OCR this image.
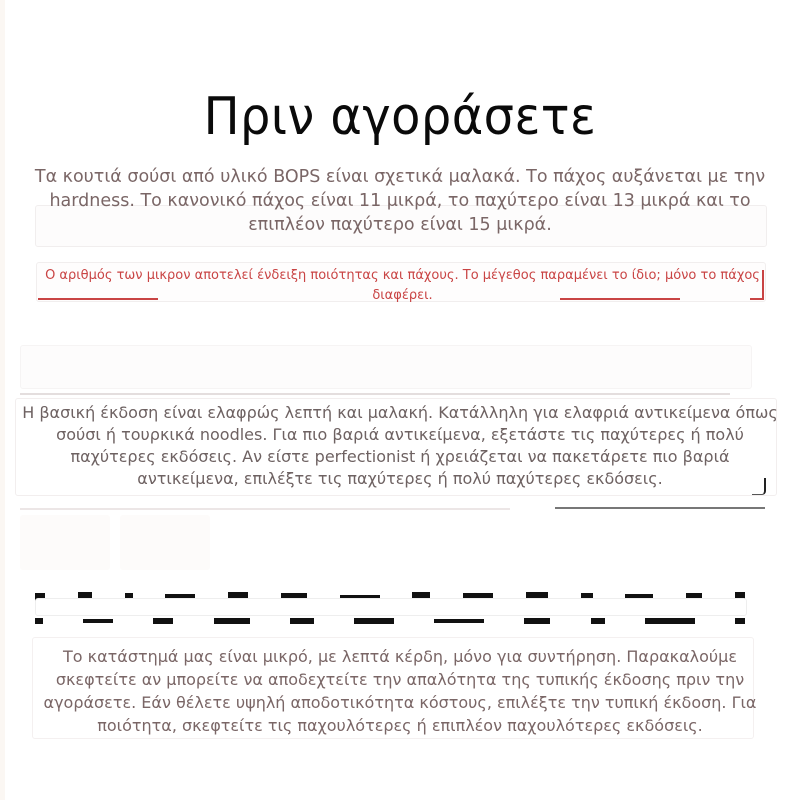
Πριν αγοράσετε

Τα κουτιά σούσι από υλικό BOPS είναι σχετικά μαλακά. Το πάχος αυξάνεται με την hardness. Το κανονικό πάχος είναι 11 μικρά, το παχύτερο είναι 13 μικρά και το επιπλέον παχύτερο είναι 15 μικρά.

Ο αριθμός των μικρον αποτελεί ένδειξη ποιότητας και πάχους. Το μέγεθος παραμένει το ίδιο; μόνο το πάχος διαφέρει.

Η βασική έκδοση είναι ελαφρώς λεπτή και μαλακή. Κατάλληλη για ελαφριά αντικείμενα όπως σούσι ή τουρκικά noodles. Για πιο βαριά αντικείμενα, εξετάστε τις παχύτερες ή πολύ παχύτερες εκδόσεις. Αν είστε perfectionist ή χρειάζεται να πακετάρετε πιο βαριά αντικείμενα, επιλέξτε τις παχύτερες ή πολύ παχύτερες εκδόσεις.

Το κατάστημά μας είναι μικρό, με λεπτά κέρδη, μόνο για συντήρηση. Παρακαλούμε σκεφτείτε αν μπορείτε να αποδεχτείτε την απαλότητα της τυπικής έκδοσης πριν την αγοράσετε. Εάν θέλετε υψηλή αποδοτικότητα κόστους, επιλέξτε την τυπική έκδοση. Για ποιότητα, σκεφτείτε τις παχουλότερες ή επιπλέον παχουλότερες εκδόσεις.
